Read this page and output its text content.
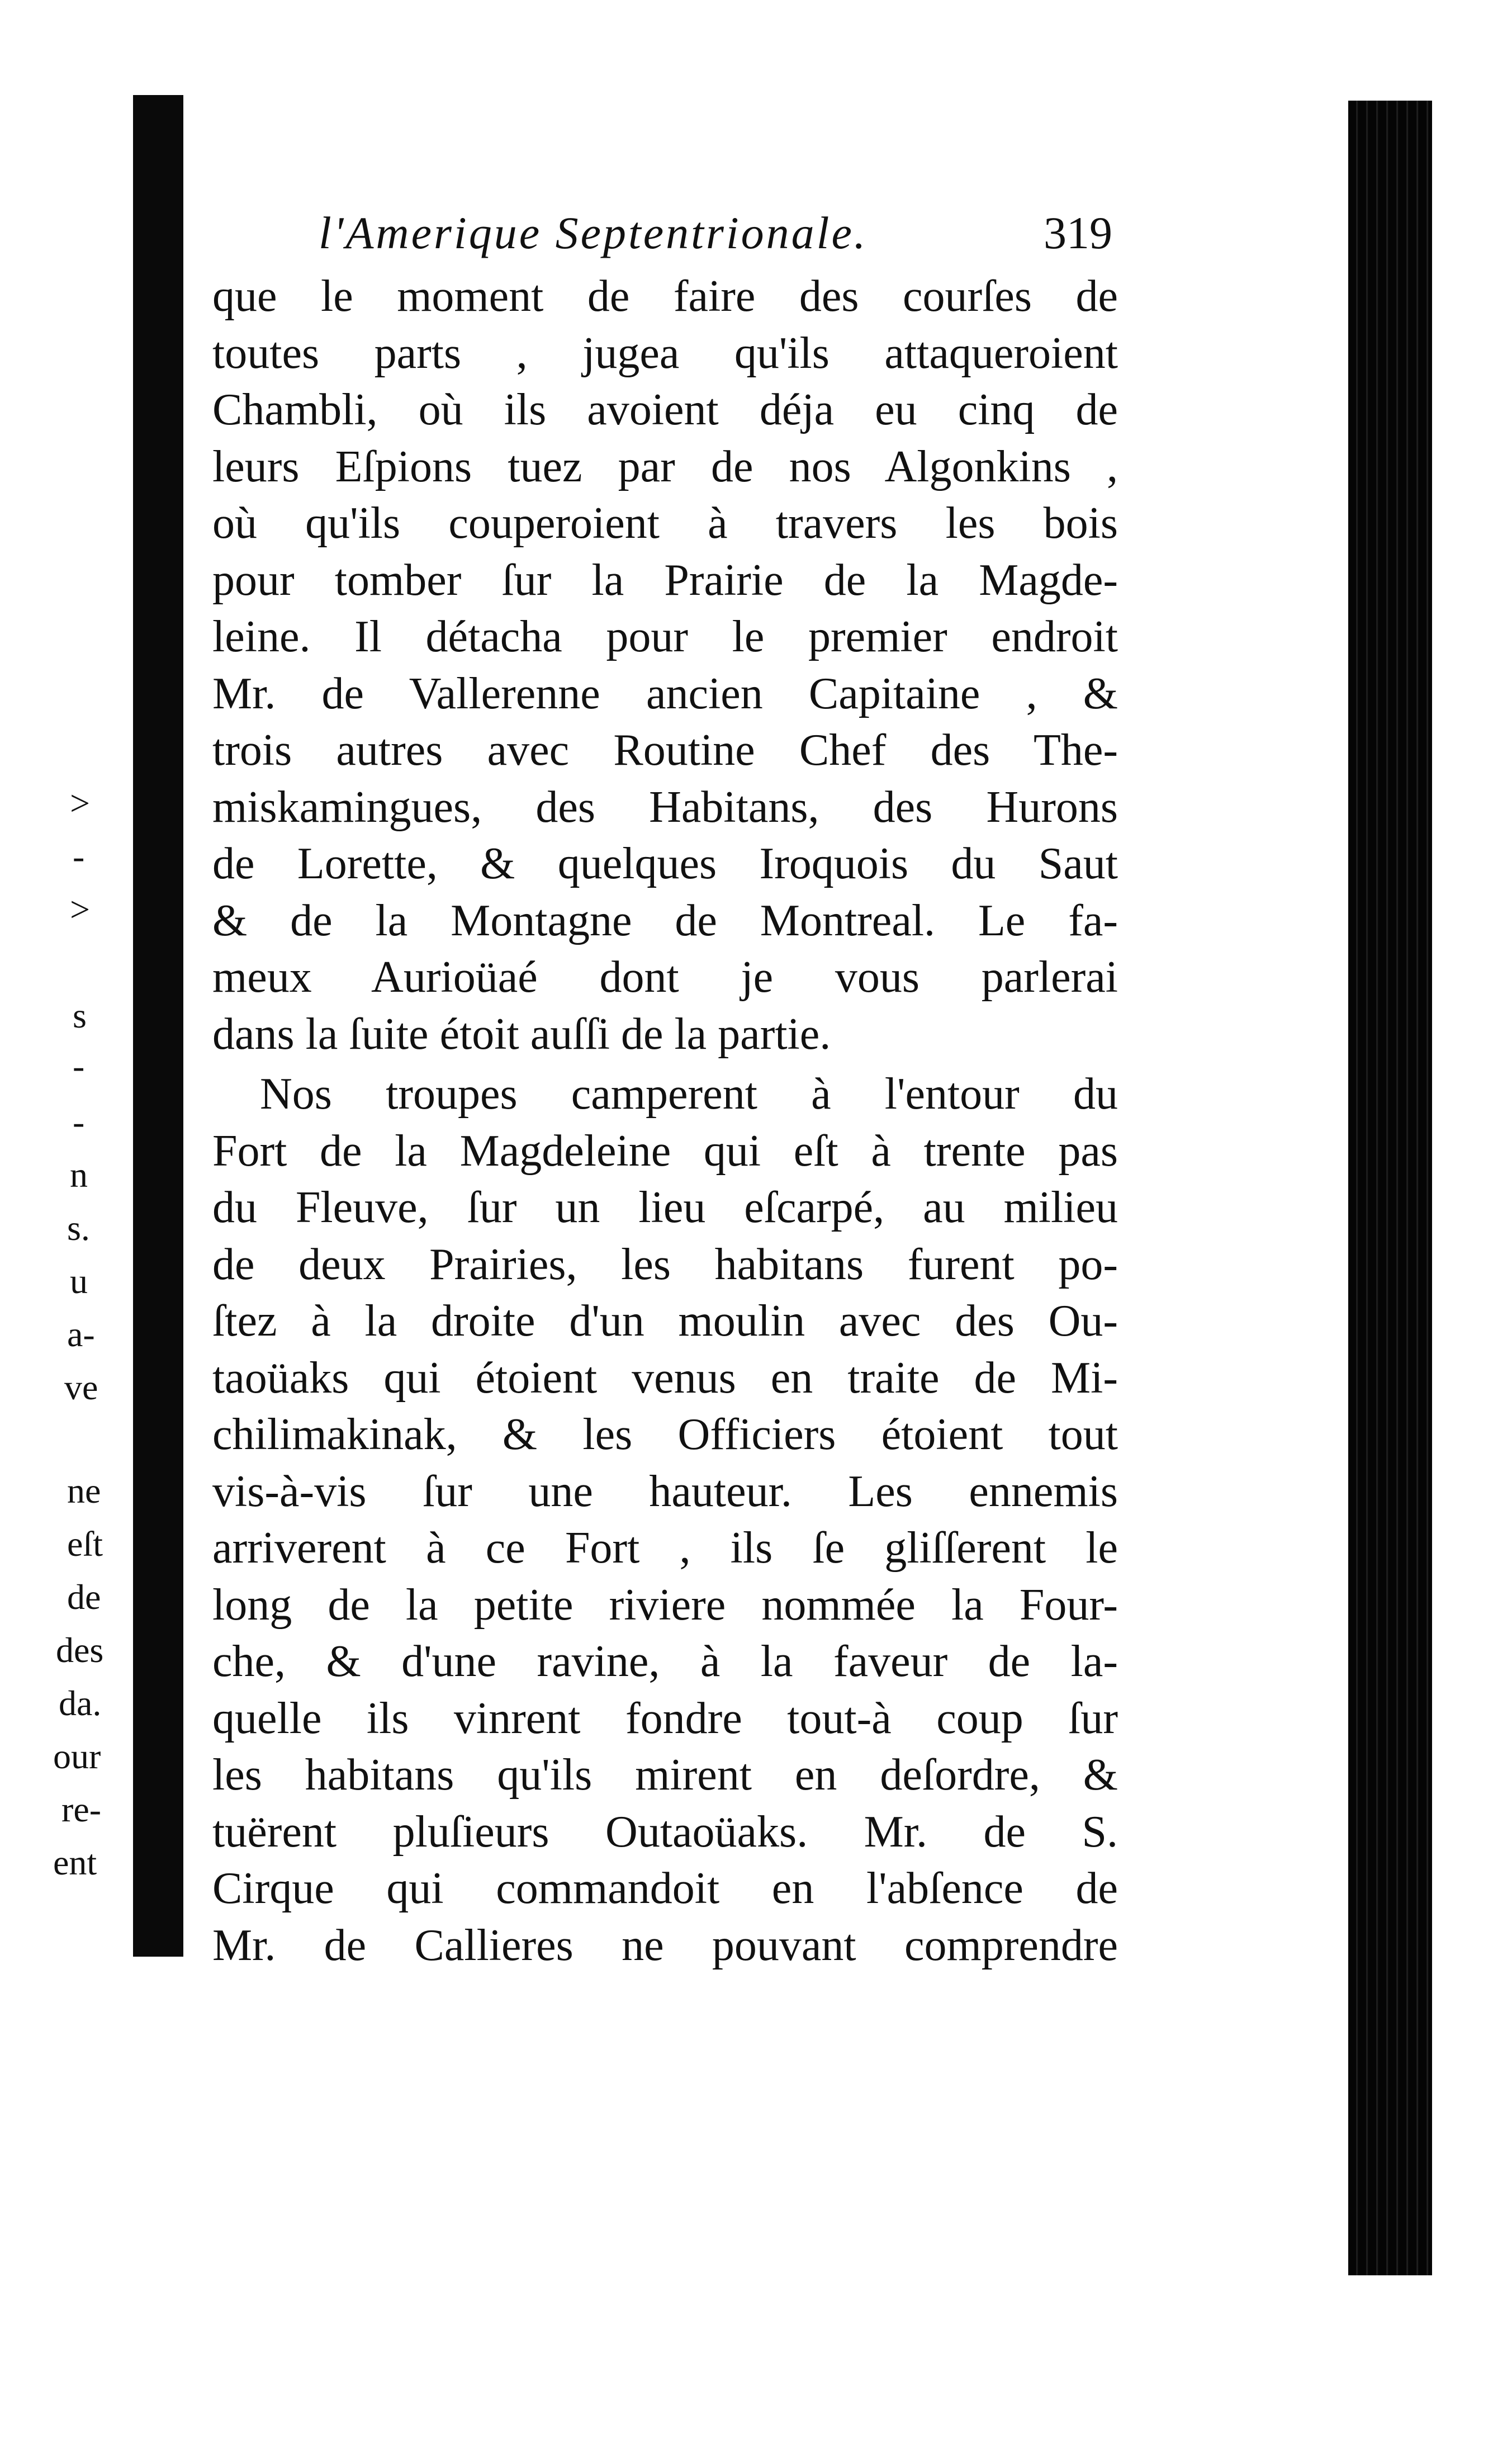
>
-
>
s
-
-
n
s.
u
a-
ve
ne
eſt
de
des
da.
our
re-
ent
l'Amerique Septentrionale.	319
que le moment de faire des courſes de
toutes parts , jugea qu'ils attaqueroient
Chambli, où ils avoient déja eu cinq de
leurs Eſpions tuez par de nos Algonkins ,
où qu'ils couperoient à travers les bois
pour tomber ſur la Prairie de la Magde-
leine. Il détacha pour le premier endroit
Mr. de Vallerenne ancien Capitaine , &
trois autres avec Routine Chef des The-
miskamingues, des Habitans, des Hurons
de Lorette, & quelques Iroquois du Saut
& de la Montagne de Montreal. Le fa-
meux Aurioüaé dont je vous parlerai
dans la ſuite étoit auſſi de la partie.
Nos troupes camperent à l'entour du
Fort de la Magdeleine qui eſt à trente pas
du Fleuve, ſur un lieu eſcarpé, au milieu
de deux Prairies, les habitans furent po-
ſtez à la droite d'un moulin avec des Ou-
taoüaks qui étoient venus en traite de Mi-
chilimakinak, & les Officiers étoient tout
vis-à-vis ſur une hauteur. Les ennemis
arriverent à ce Fort , ils ſe gliſſerent le
long de la petite riviere nommée la Four-
che, & d'une ravine, à la faveur de la-
quelle ils vinrent fondre tout-à coup ſur
les habitans qu'ils mirent en deſordre, &
tuërent pluſieurs Outaoüaks. Mr. de S.
Cirque qui commandoit en l'abſence de
Mr. de Callieres ne pouvant comprendre
